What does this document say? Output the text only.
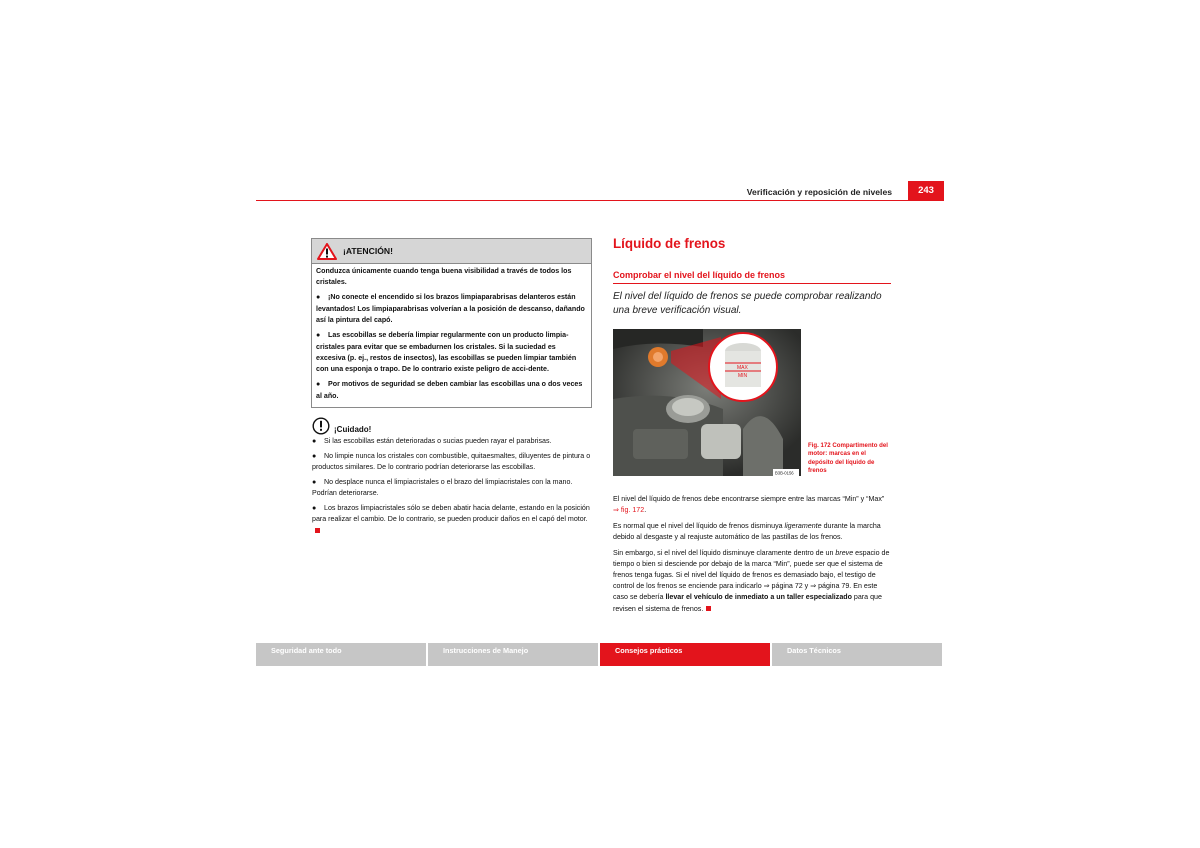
Verificación y reposición de niveles	243
¡ATENCIÓN!

Conduzca únicamente cuando tenga buena visibilidad a través de todos los cristales.

● ¡No conecte el encendido si los brazos limpiaparabrisas delanteros están levantados! Los limpiaparabrisas volverían a la posición de descanso, dañando así la pintura del capó.

● Las escobillas se debería limpiar regularmente con un producto limpia-cristales para evitar que se embadurnen los cristales. Si la suciedad es excesiva (p. ej., restos de insectos), las escobillas se pueden limpiar también con una esponja o trapo. De lo contrario existe peligro de acci-dente.

● Por motivos de seguridad se deben cambiar las escobillas una o dos veces al año.

¡Cuidado!

● Si las escobillas están deterioradas o sucias pueden rayar el parabrisas.

● No limpie nunca los cristales con combustible, quitaesmaltes, diluyentes de pintura o productos similares. De lo contrario podrían deteriorarse las escobillas.

● No desplace nunca el limpiacristales o el brazo del limpiacristales con la mano. Podrían deteriorarse.

● Los brazos limpiacristales sólo se deben abatir hacia delante, estando en la posición para realizar el cambio. De lo contrario, se pueden producir daños en el capó del motor.

Líquido de frenos
Comprobar el nivel del líquido de frenos
El nivel del líquido de frenos se puede comprobar realizando una breve verificación visual.
MAX
MIN
B3B-0156
Fig. 172 Compartimento del motor: marcas en el depósito del líquido de frenos

El nivel del líquido de frenos debe encontrarse siempre entre las marcas “Min” y “Max” ⇒ fig. 172.

Es normal que el nivel del líquido de frenos disminuya ligeramente durante la marcha debido al desgaste y al reajuste automático de las pastillas de los frenos.

Sin embargo, si el nivel del líquido disminuye claramente dentro de un breve espacio de tiempo o bien si desciende por debajo de la marca “Min”, puede ser que el sistema de frenos tenga fugas. Si el nivel del líquido de frenos es demasiado bajo, el testigo de control de los frenos se enciende para indicarlo ⇒ página 72 y ⇒ página 79. En este caso se debería llevar el vehículo de inmediato a un taller especializado para que revisen el sistema de frenos.

Seguridad ante todo	Instrucciones de Manejo	Consejos prácticos	Datos Técnicos
